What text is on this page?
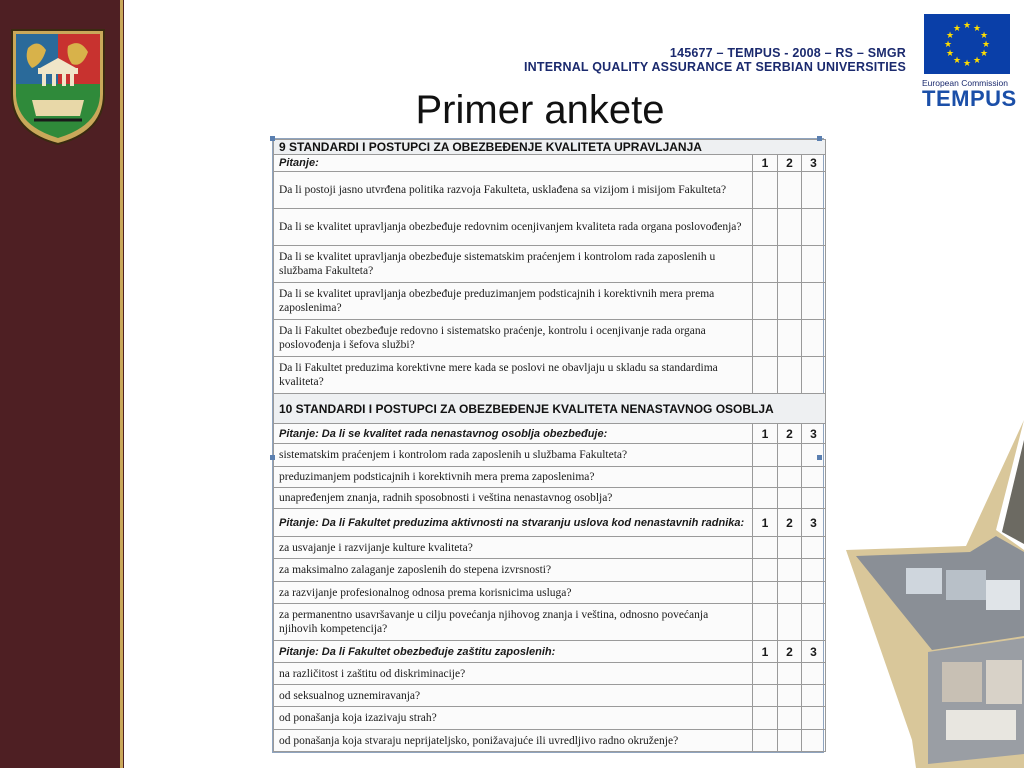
145677 – TEMPUS - 2008 – RS – SMGR
INTERNAL QUALITY ASSURANCE AT SERBIAN UNIVERSITIES
★ ★
★
★
★
★
★
★
★
★
★
★
European Commission
TEMPUS
Primer ankete
9 STANDARDI I POSTUPCI ZA OBEZBEĐENJE KVALITETA UPRAVLJANJA			
Pitanje:	1	2	3
Da li postoji jasno utvrđena politika razvoja Fakulteta, usklađena sa vizijom i misijom Fakulteta?			
Da li se kvalitet upravljanja obezbeđuje redovnim ocenjivanjem kvaliteta rada organa poslovođenja?			
Da li se kvalitet upravljanja obezbeđuje sistematskim praćenjem i kontrolom rada zaposlenih u službama Fakulteta?			
Da li se kvalitet upravljanja obezbeđuje preduzimanjem podsticajnih i korektivnih mera prema zaposlenima?			
Da li Fakultet obezbeđuje redovno i sistematsko praćenje, kontrolu i ocenjivanje rada organa poslovođenja i šefova službi?			
Da li Fakultet preduzima korektivne mere kada se poslovi ne obavljaju u skladu sa standardima kvaliteta?			
10 STANDARDI I POSTUPCI ZA OBEZBEĐENJE KVALITETA NENASTAVNOG OSOBLJA			
Pitanje: Da li se kvalitet rada nenastavnog osoblja obezbeđuje:	1	2	3
sistematskim praćenjem i kontrolom rada zaposlenih u službama Fakulteta?			
preduzimanjem podsticajnih i korektivnih mera prema zaposlenima?			
unapređenjem znanja, radnih sposobnosti i veština nenastavnog osoblja?			
Pitanje: Da li Fakultet preduzima aktivnosti na stvaranju uslova kod nenastavnih radnika:	1	2	3
za usvajanje i razvijanje kulture kvaliteta?			
za maksimalno zalaganje zaposlenih do stepena izvrsnosti?			
za razvijanje profesionalnog odnosa prema korisnicima usluga?			
za permanentno usavršavanje u cilju povećanja njihovog znanja i veština, odnosno povećanja njihovih kompetencija?			
Pitanje: Da li Fakultet obezbeđuje zaštitu zaposlenih:	1	2	3
na različitost i zaštitu od diskriminacije?			
od seksualnog uznemiravanja?			
od ponašanja koja izazivaju strah?			
od ponašanja koja stvaraju neprijateljsko, ponižavajuće ili uvredljivo radno okruženje?			
